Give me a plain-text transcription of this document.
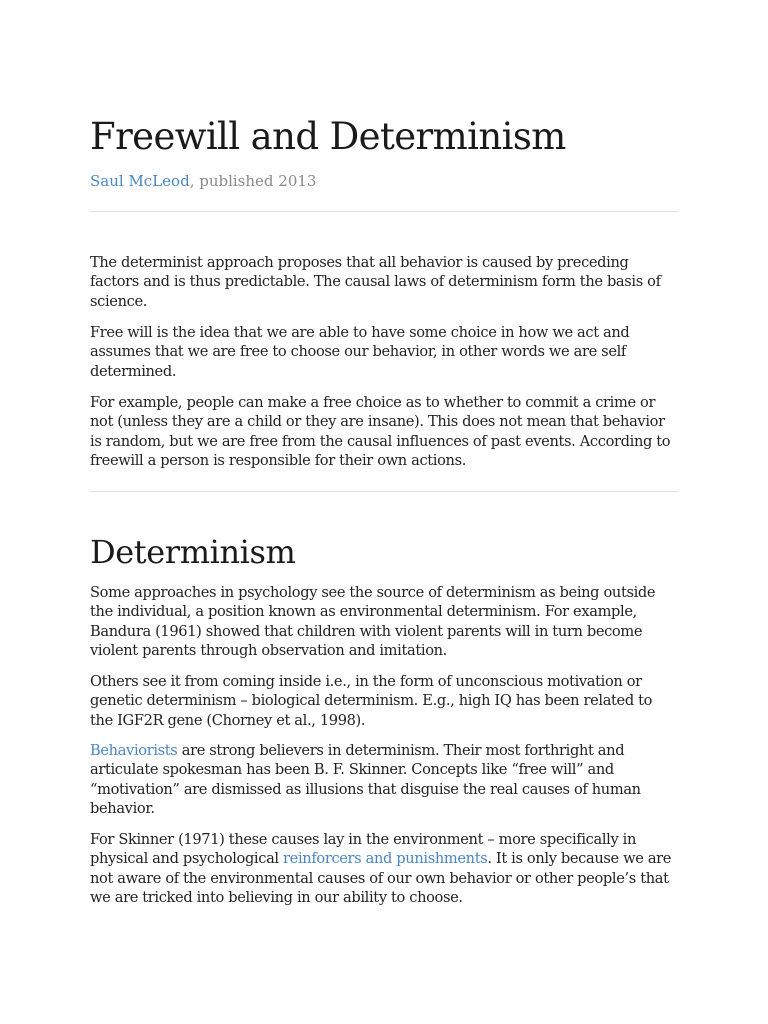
Freewill and Determinism
Saul McLeod, published 2013

The determinist approach proposes that all behavior is caused by preceding
factors and is thus predictable. The causal laws of determinism form the basis of
science.

Free will is the idea that we are able to have some choice in how we act and
assumes that we are free to choose our behavior, in other words we are self
determined.

For example, people can make a free choice as to whether to commit a crime or
not (unless they are a child or they are insane). This does not mean that behavior
is random, but we are free from the causal influences of past events. According to
freewill a person is responsible for their own actions.

Determinism

Some approaches in psychology see the source of determinism as being outside
the individual, a position known as environmental determinism. For example,
Bandura (1961) showed that children with violent parents will in turn become
violent parents through observation and imitation.

Others see it from coming inside i.e., in the form of unconscious motivation or
genetic determinism – biological determinism. E.g., high IQ has been related to
the IGF2R gene (Chorney et al., 1998).

Behaviorists are strong believers in determinism. Their most forthright and
articulate spokesman has been B. F. Skinner. Concepts like “free will” and
“motivation” are dismissed as illusions that disguise the real causes of human
behavior.

For Skinner (1971) these causes lay in the environment – more specifically in
physical and psychological reinforcers and punishments. It is only because we are
not aware of the environmental causes of our own behavior or other people’s that
we are tricked into believing in our ability to choose.
